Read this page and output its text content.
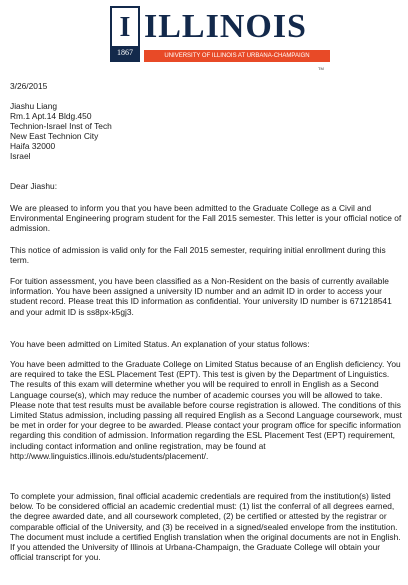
I
1867
ILLINOIS
UNIVERSITY OF ILLINOIS AT URBANA-CHAMPAIGN
TM
3/26/2015
Jiashu Liang
Rm.1 Apt.14 Bldg.450
Technion-Israel Inst of Tech
New East Technion City
Haifa 32000
Israel
Dear Jiashu:

We are pleased to inform you that you have been admitted to the Graduate College as a Civil and Environmental Engineering program student for the Fall 2015 semester. This letter is your official notice of admission.

This notice of admission is valid only for the Fall 2015 semester, requiring initial enrollment during this term.

For tuition assessment, you have been classified as a Non-Resident on the basis of currently available information. You have been assigned a university ID number and an admit ID in order to access your student record. Please treat this ID information as confidential. Your university ID number is 671218541 and your admit ID is ss8px-k5gj3.

You have been admitted on Limited Status. An explanation of your status follows:

You have been admitted to the Graduate College on Limited Status because of an English deficiency. You are required to take the ESL Placement Test (EPT). This test is given by the Department of Linguistics. The results of this exam will determine whether you will be required to enroll in English as a Second Language course(s), which may reduce the number of academic courses you will be allowed to take. Please note that test results must be available before course registration is allowed. The conditions of this Limited Status admission, including passing all required English as a Second Language coursework, must be met in order for your degree to be awarded. Please contact your program office for specific information regarding this condition of admission. Information regarding the ESL Placement Test (EPT) requirement, including contact information and online registration, may be found at
http://www.linguistics.illinois.edu/students/placement/.

To complete your admission, final official academic credentials are required from the institution(s) listed below. To be considered official an academic credential must: (1) list the conferral of all degrees earned, the degree awarded date, and all coursework completed, (2) be certified or attested by the registrar or comparable official of the University, and (3) be received in a signed/sealed envelope from the institution. The document must include a certified English translation when the original documents are not in English. If you attended the University of Illinois at Urbana-Champaign, the Graduate College will obtain your official transcript for you.
